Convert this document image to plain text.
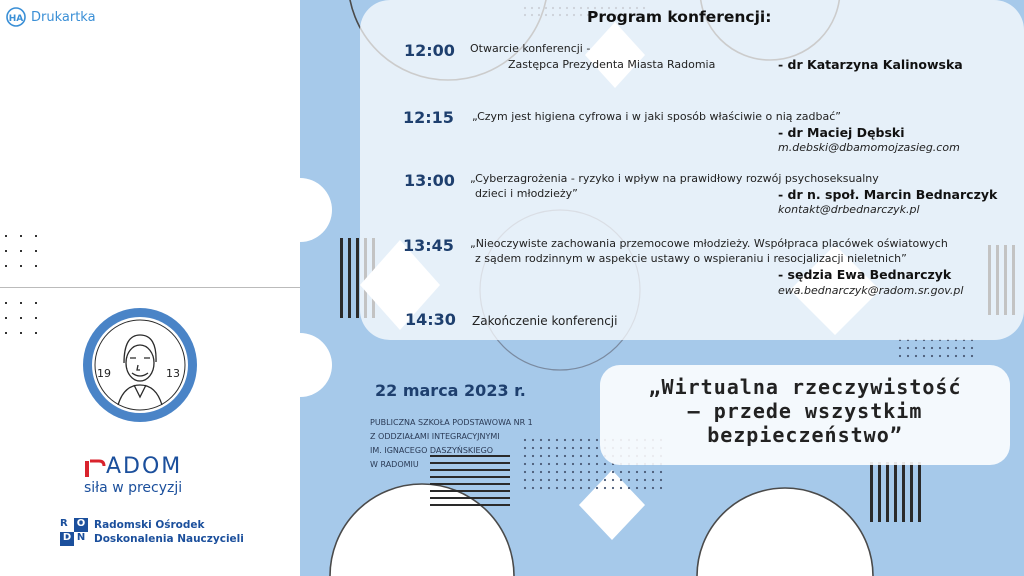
HA Drukartka
19	13
ADOM
siła w precyzji
R O
D N
Radomski Ośrodek
Doskonalenia Nauczycieli
Program konferencji:
12:00 Otwarcie konferencji -
Zastępca Prezydenta Miasta Radomia	- dr Katarzyna Kalinowska
12:15 „Czym jest higiena cyfrowa i w jaki sposób właściwie o nią zadbać”
- dr Maciej Dębski
m.debski@dbamomojzasieg.com
13:00 „Cyberzagrożenia - ryzyko i wpływ na prawidłowy rozwój psychoseksualny
dzieci i młodzieży”	- dr n. społ. Marcin Bednarczyk
kontakt@drbednarczyk.pl
13:45 „Nieoczywiste zachowania przemocowe młodzieży. Współpraca placówek oświatowych
z sądem rodzinnym w aspekcie ustawy o wspieraniu i resocjalizacji nieletnich”
- sędzia Ewa Bednarczyk
ewa.bednarczyk@radom.sr.gov.pl
14:30 Zakończenie konferencji
22 marca 2023 r.
PUBLICZNA SZKOŁA PODSTAWOWA NR 1
Z ODDZIAŁAMI INTEGRACYJNYMI
IM. IGNACEGO DASZYŃSKIEGO
W RADOMIU
„Wirtualna rzeczywistość
– przede wszystkim
bezpieczeństwo”
